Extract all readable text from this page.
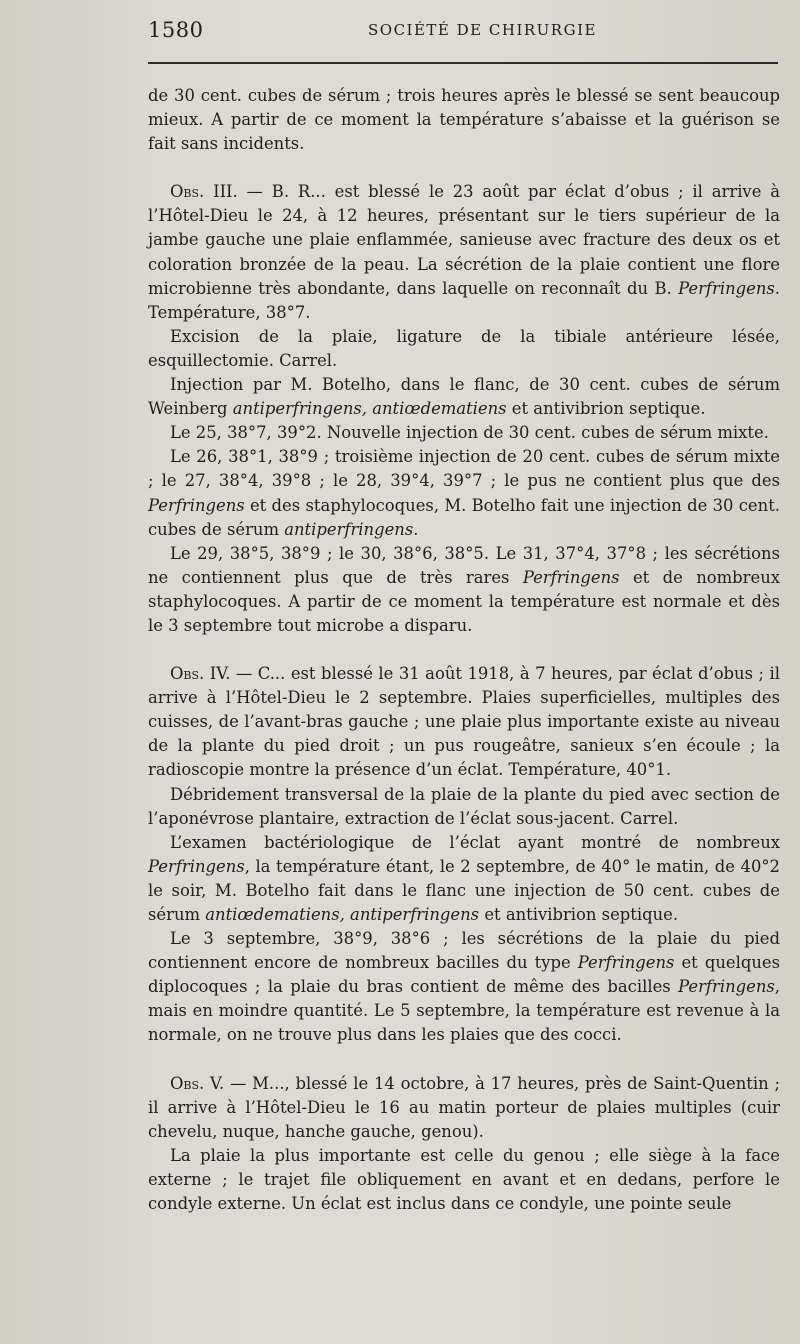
1580	SOCIÉTÉ DE CHIRURGIE

de 30 cent. cubes de sérum ; trois heures après le blessé se sent beaucoup mieux. A partir de ce moment la température s’abaisse et la guérison se fait sans incidents.

Obs. III. — B. R... est blessé le 23 août par éclat d’obus ; il arrive à l’Hôtel-Dieu le 24, à 12 heures, présentant sur le tiers supérieur de la jambe gauche une plaie enflammée, sanieuse avec fracture des deux os et coloration bronzée de la peau. La sécrétion de la plaie contient une flore microbienne très abondante, dans laquelle on reconnaît du B. Perfringens. Température, 38°7.

Excision de la plaie, ligature de la tibiale antérieure lésée, esquillectomie. Carrel.

Injection par M. Botelho, dans le flanc, de 30 cent. cubes de sérum Weinberg antiperfringens, antiœdematiens et antivibrion septique.

Le 25, 38°7, 39°2. Nouvelle injection de 30 cent. cubes de sérum mixte.

Le 26, 38°1, 38°9 ; troisième injection de 20 cent. cubes de sérum mixte ; le 27, 38°4, 39°8 ; le 28, 39°4, 39°7 ; le pus ne contient plus que des Perfringens et des staphylocoques, M. Botelho fait une injection de 30 cent. cubes de sérum antiperfringens.

Le 29, 38°5, 38°9 ; le 30, 38°6, 38°5. Le 31, 37°4, 37°8 ; les sécrétions ne contiennent plus que de très rares Perfringens et de nombreux staphylocoques. A partir de ce moment la température est normale et dès le 3 septembre tout microbe a disparu.

Obs. IV. — C... est blessé le 31 août 1918, à 7 heures, par éclat d’obus ; il arrive à l’Hôtel-Dieu le 2 septembre. Plaies superficielles, multiples des cuisses, de l’avant-bras gauche ; une plaie plus importante existe au niveau de la plante du pied droit ; un pus rougeâtre, sanieux s’en écoule ; la radioscopie montre la présence d’un éclat. Température, 40°1.

Débridement transversal de la plaie de la plante du pied avec section de l’aponévrose plantaire, extraction de l’éclat sous-jacent. Carrel.

L’examen bactériologique de l’éclat ayant montré de nombreux Perfringens, la température étant, le 2 septembre, de 40° le matin, de 40°2 le soir, M. Botelho fait dans le flanc une injection de 50 cent. cubes de sérum antiœdematiens, antiperfringens et antivibrion septique.

Le 3 septembre, 38°9, 38°6 ; les sécrétions de la plaie du pied contiennent encore de nombreux bacilles du type Perfringens et quelques diplocoques ; la plaie du bras contient de même des bacilles Perfringens, mais en moindre quantité. Le 5 septembre, la température est revenue à la normale, on ne trouve plus dans les plaies que des cocci.

Obs. V. — M..., blessé le 14 octobre, à 17 heures, près de Saint-Quentin ; il arrive à l’Hôtel-Dieu le 16 au matin porteur de plaies multiples (cuir chevelu, nuque, hanche gauche, genou).

La plaie la plus importante est celle du genou ; elle siège à la face externe ; le trajet file obliquement en avant et en dedans, perfore le condyle externe. Un éclat est inclus dans ce condyle, une pointe seule
